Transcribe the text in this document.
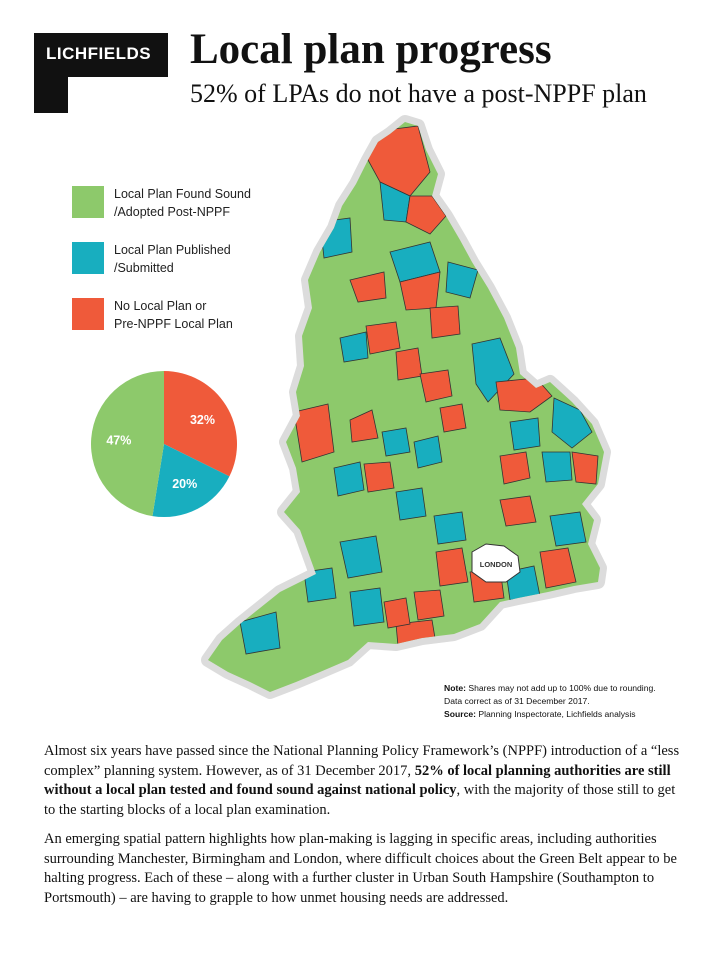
LICHFIELDS Local plan progress
52% of LPAs do not have a post-NPPF plan
LONDON
Local Plan Found Sound
/Adopted Post-NPPF
Local Plan Published
/Submitted
No Local Plan or
Pre-NPPF Local Plan
32%
20%
47%
Note: Shares may not add up to 100% due to rounding.
Data correct as of 31 December 2017.
Source: Planning Inspectorate, Lichfields analysis

Almost six years have passed since the National Planning Policy Framework’s (NPPF) introduction of a “less complex” planning system. However, as of 31 December 2017, 52% of local planning authorities are still without a local plan tested and found sound against national policy, with the majority of those still to get to the starting blocks of a local plan examination.

An emerging spatial pattern highlights how plan-making is lagging in specific areas, including authorities surrounding Manchester, Birmingham and London, where difficult choices about the Green Belt appear to be halting progress. Each of these – along with a further cluster in Urban South Hampshire (Southampton to Portsmouth) – are having to grapple to how unmet housing needs are addressed.
